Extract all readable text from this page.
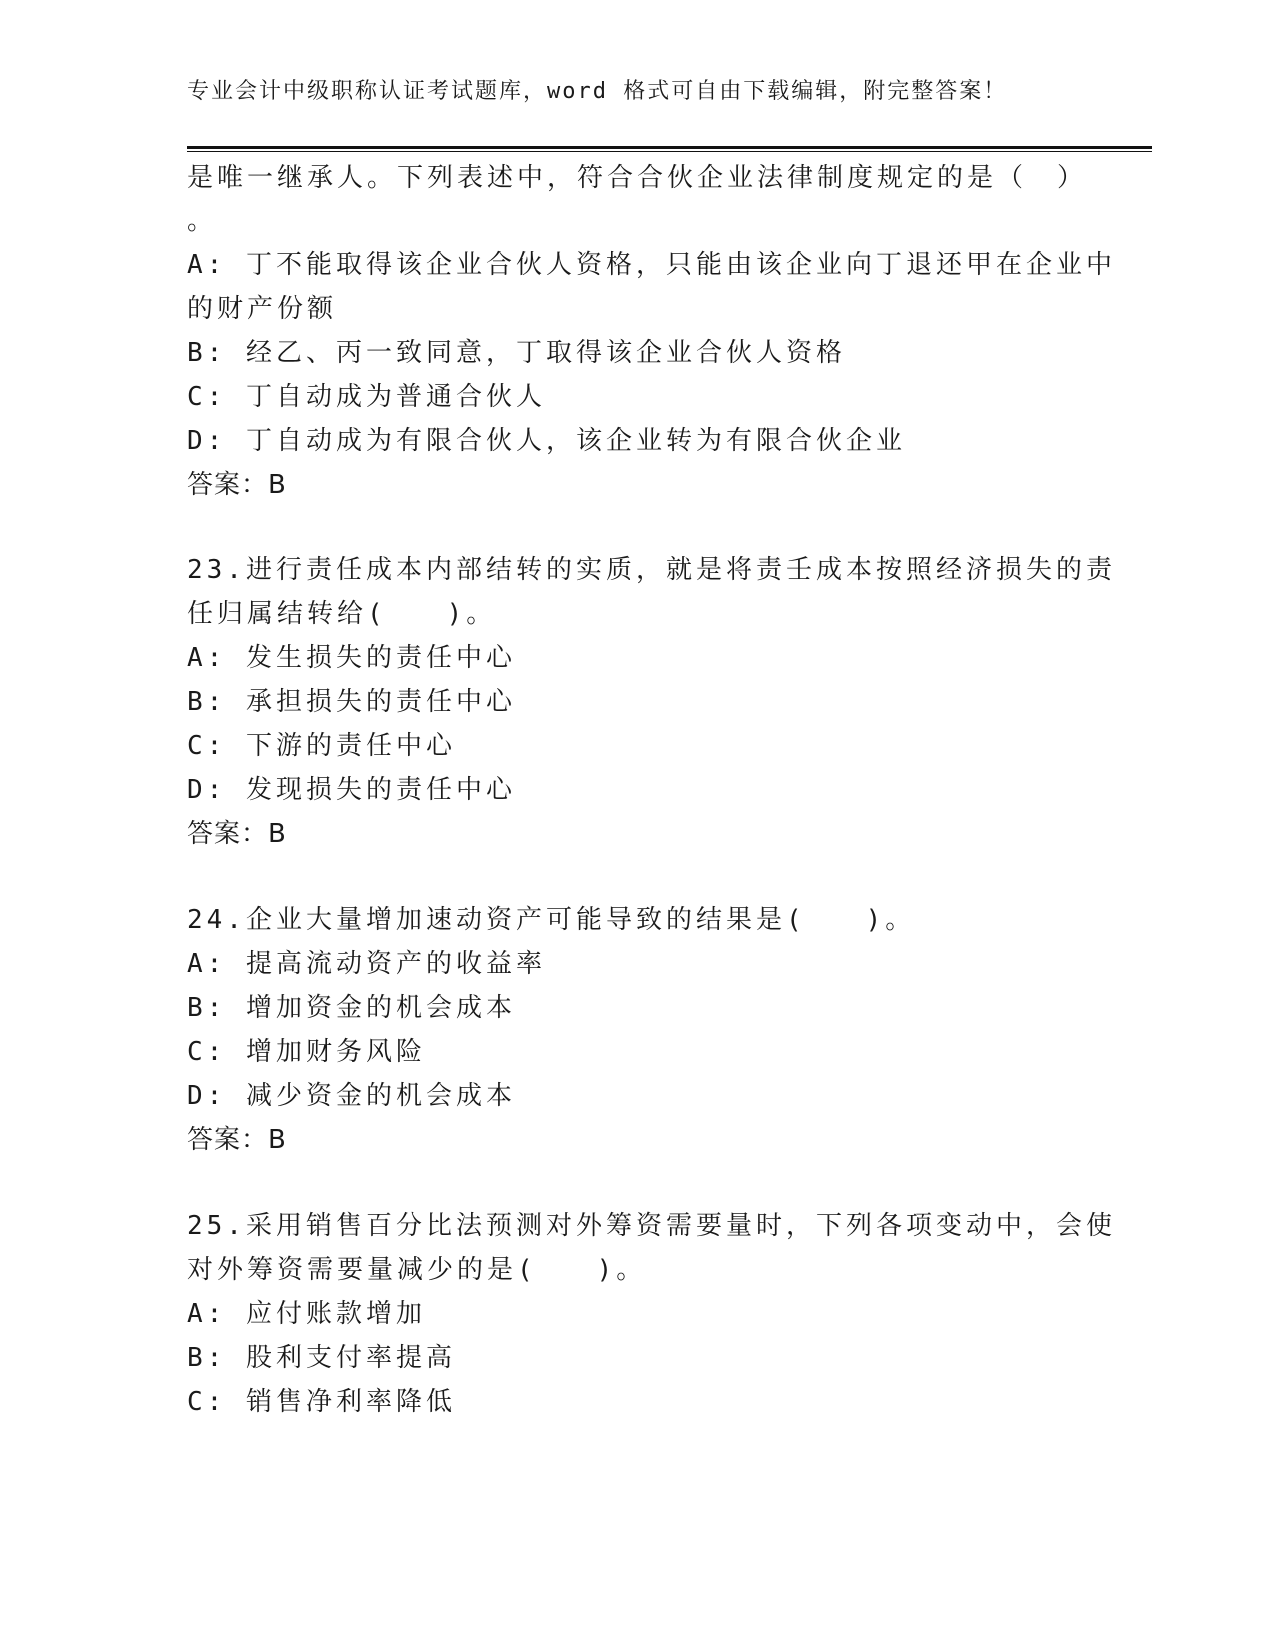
专业会计中级职称认证考试题库，word 格式可自由下载编辑，附完整答案！
是唯一继承人。下列表述中，符合合伙企业法律制度规定的是（　）
。
A: 丁不能取得该企业合伙人资格，只能由该企业向丁退还甲在企业中
的财产份额
B: 经乙、丙一致同意，丁取得该企业合伙人资格
C: 丁自动成为普通合伙人
D: 丁自动成为有限合伙人，该企业转为有限合伙企业
答案：B
23.进行责任成本内部结转的实质，就是将责壬成本按照经济损失的责
任归属结转给(　　)。
A: 发生损失的责任中心
B: 承担损失的责任中心
C: 下游的责任中心
D: 发现损失的责任中心
答案：B
24.企业大量增加速动资产可能导致的结果是(　　)。
A: 提高流动资产的收益率
B: 增加资金的机会成本
C: 增加财务风险
D: 减少资金的机会成本
答案：B
25.采用销售百分比法预测对外筹资需要量时，下列各项变动中，会使
对外筹资需要量减少的是(　　)。
A: 应付账款增加
B: 股利支付率提高
C: 销售净利率降低
